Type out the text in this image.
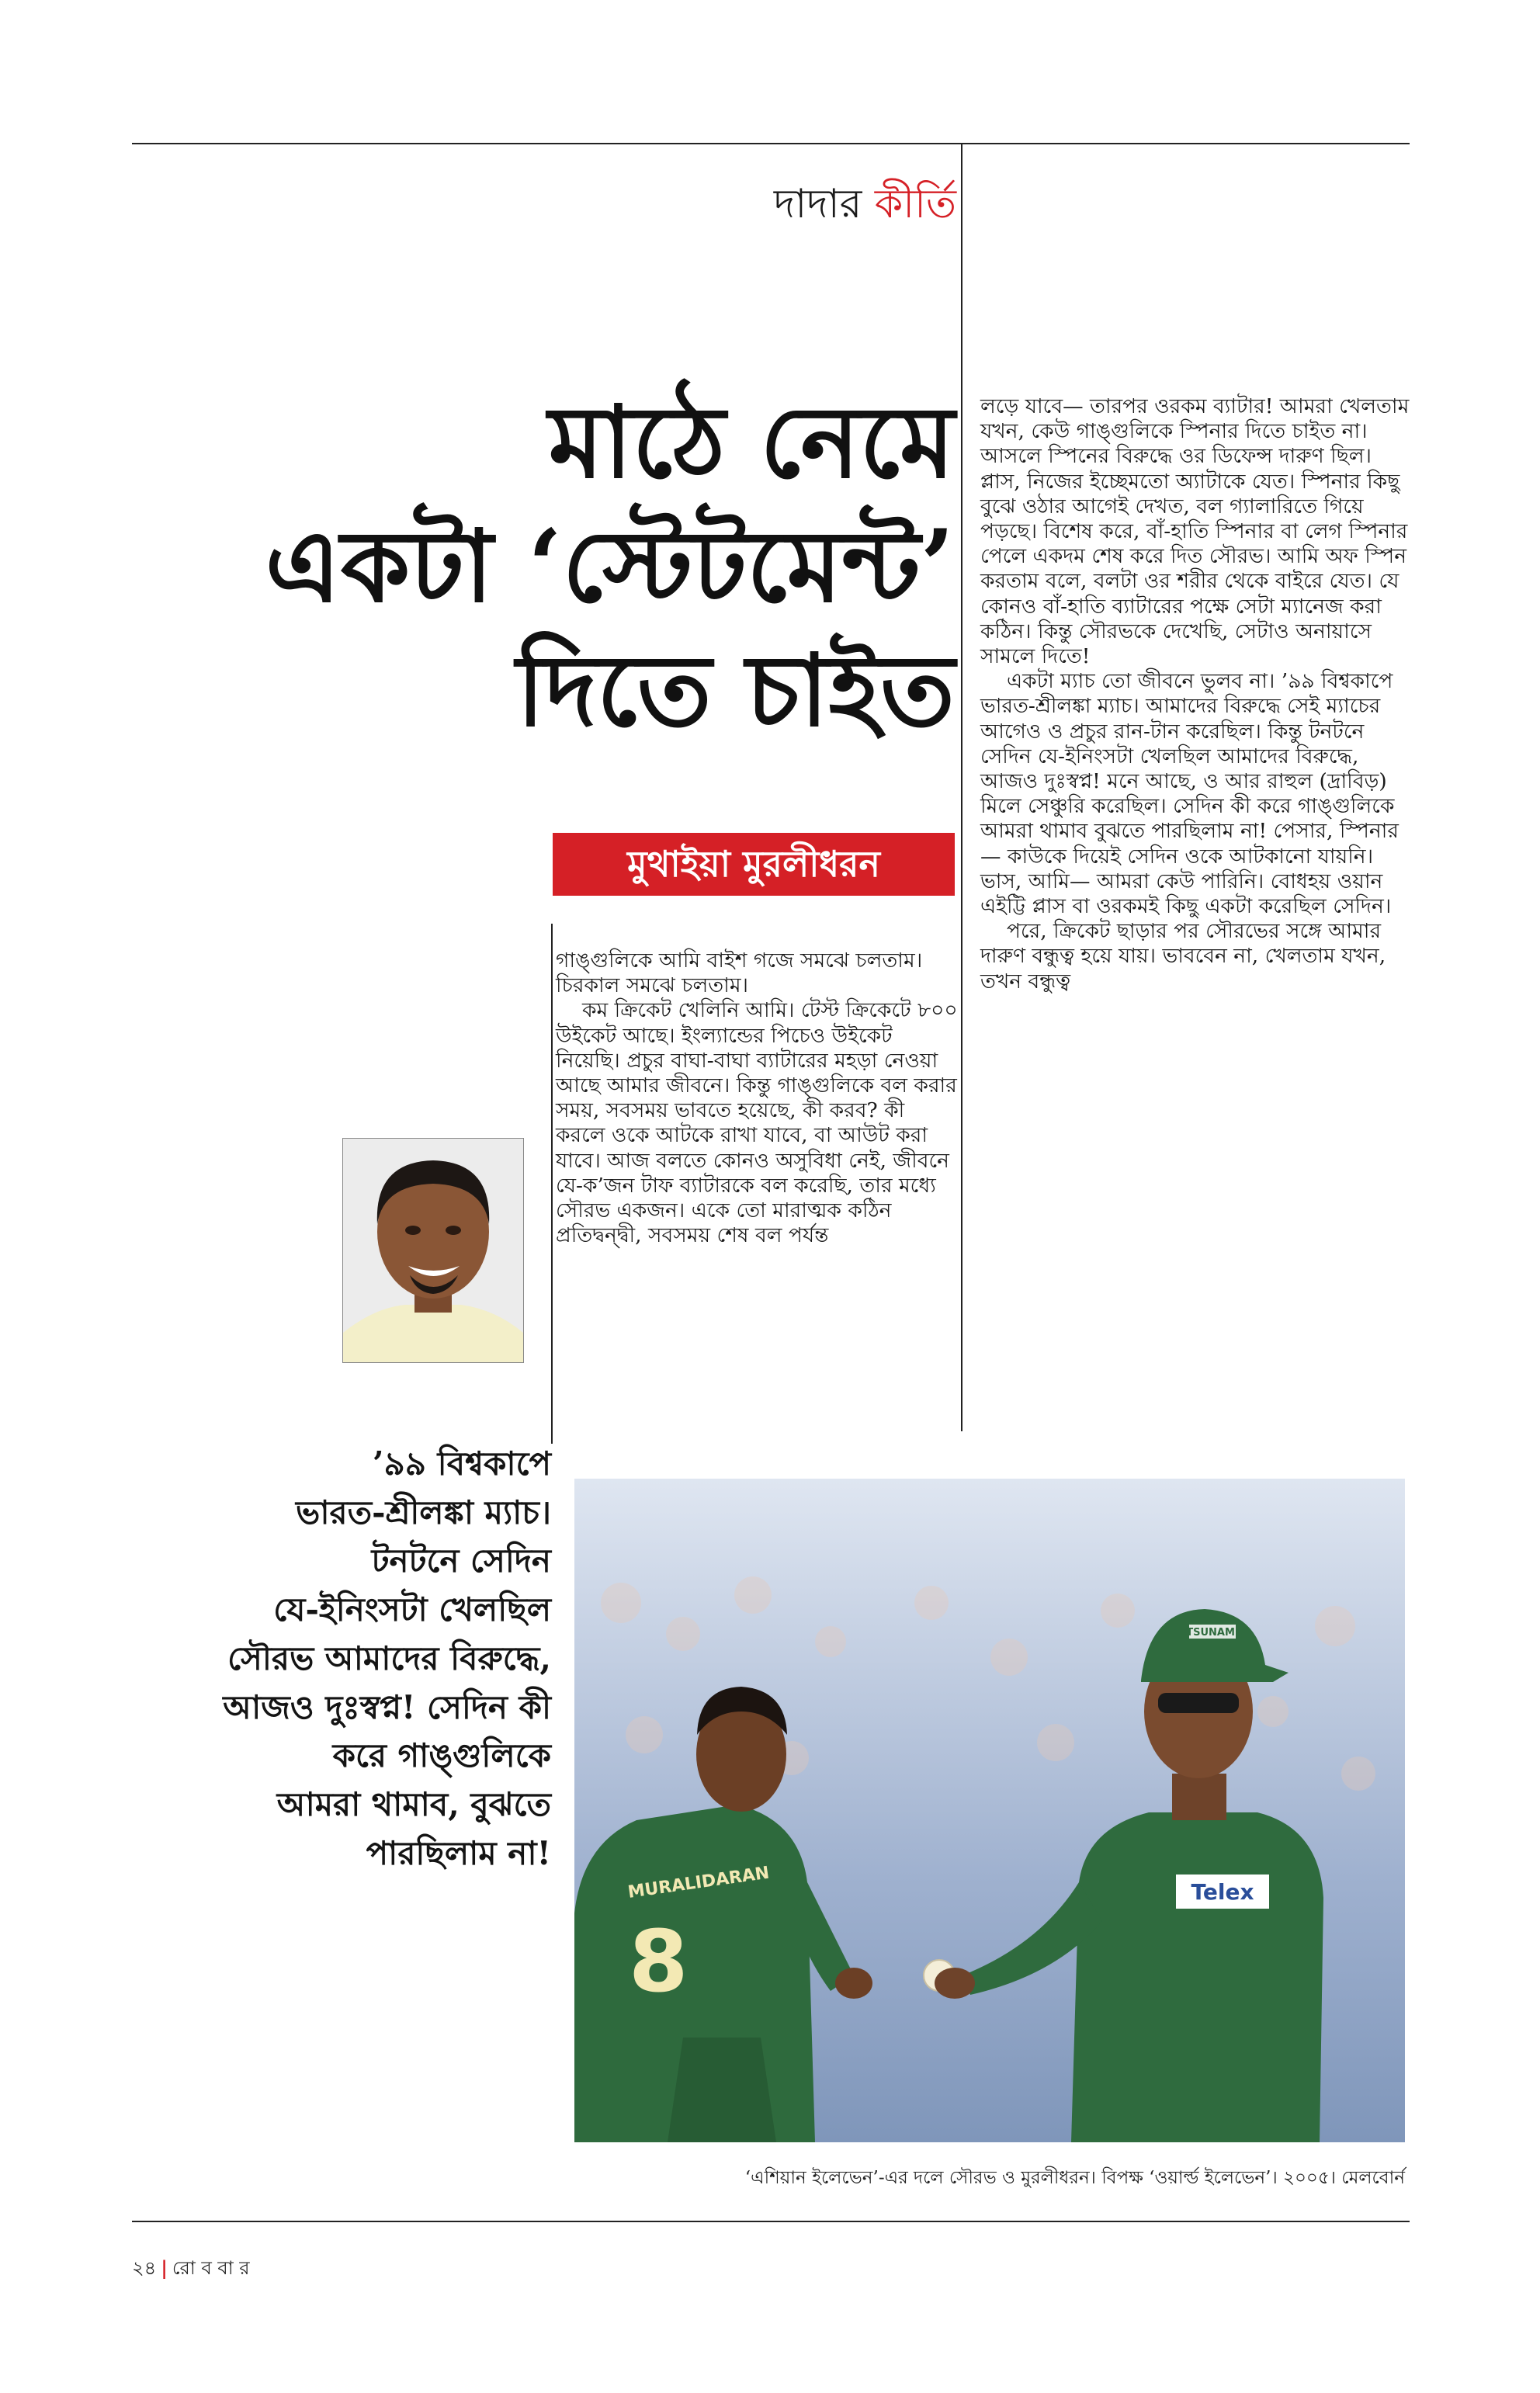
দাদার কীর্তি
মাঠে নেমে
একটা ‘স্টেটমেন্ট’
দিতে চাইত
মুথাইয়া মুরলীধরন

গাঙ্গুলিকে আমি বাইশ গজে সমঝে চলতাম। চিরকাল সমঝে চলতাম।

কম ক্রিকেট খেলিনি আমি। টেস্ট ক্রিকেটে ৮০০ উইকেট আছে। ইংল্যান্ডের পিচেও উইকেট নিয়েছি। প্রচুর বাঘা-বাঘা ব্যাটারের মহড়া নেওয়া আছে আমার জীবনে। কিন্তু গাঙ্গুলিকে বল করার সময়, সবসময় ভাবতে হয়েছে, কী করব? কী করলে ওকে আটকে রাখা যাবে, বা আউট করা যাবে। আজ বলতে কোনও অসুবিধা নেই, জীবনে যে-ক’জন টাফ ব্যাটারকে বল করেছি, তার মধ্যে সৌরভ একজন। একে তো মারাত্মক কঠিন প্রতিদ্বন্দ্বী, সবসময় শেষ বল পর্যন্ত

লড়ে যাবে— তারপর ওরকম ব্যাটার! আমরা খেলতাম যখন, কেউ গাঙ্গুলিকে স্পিনার দিতে চাইত না। আসলে স্পিনের বিরুদ্ধে ওর ডিফেন্স দারুণ ছিল। প্লাস, নিজের ইচ্ছেমতো অ্যাটাকে যেত। স্পিনার কিছু বুঝে ওঠার আগেই দেখত, বল গ্যালারিতে গিয়ে পড়ছে। বিশেষ করে, বাঁ-হাতি স্পিনার বা লেগ স্পিনার পেলে একদম শেষ করে দিত সৌরভ। আমি অফ স্পিন করতাম বলে, বলটা ওর শরীর থেকে বাইরে যেত। যে কোনও বাঁ-হাতি ব্যাটারের পক্ষে সেটা ম্যানেজ করা কঠিন। কিন্তু সৌরভকে দেখেছি, সেটাও অনায়াসে সামলে দিতে!

একটা ম্যাচ তো জীবনে ভুলব না। ’৯৯ বিশ্বকাপে ভারত-শ্রীলঙ্কা ম্যাচ। আমাদের বিরুদ্ধে সেই ম্যাচের আগেও ও প্রচুর রান-টান করেছিল। কিন্তু টনটনে সেদিন যে-ইনিংসটা খেলছিল আমাদের বিরুদ্ধে, আজও দুঃস্বপ্ন! মনে আছে, ও আর রাহুল (দ্রাবিড়) মিলে সেঞ্চুরি করেছিল। সেদিন কী করে গাঙ্গুলিকে আমরা থামাব বুঝতে পারছিলাম না! পেসার, স্পিনার— কাউকে দিয়েই সেদিন ওকে আটকানো যায়নি। ভাস, আমি— আমরা কেউ পারিনি। বোধহয় ওয়ান এইট্টি প্লাস বা ওরকমই কিছু একটা করেছিল সেদিন।

পরে, ক্রিকেট ছাড়ার পর সৌরভের সঙ্গে আমার দারুণ বন্ধুত্ব হয়ে যায়। ভাববেন না, খেলতাম যখন, তখন বন্ধুত্ব

’৯৯ বিশ্বকাপে
ভারত-শ্রীলঙ্কা ম্যাচ।
টনটনে সেদিন
যে-ইনিংসটা খেলছিল
সৌরভ আমাদের বিরুদ্ধে,
আজও দুঃস্বপ্ন! সেদিন কী
করে গাঙ্গুলিকে
আমরা থামাব, বুঝতে
পারছিলাম না!
TSUNAMI
Telex
MURALIDARAN
8
‘এশিয়ান ইলেভেন’-এর দলে সৌরভ ও মুরলীধরন। বিপক্ষ ‘ওয়ার্ল্ড ইলেভেন’। ২০০৫। মেলবোর্ন
২৪ | রো ব বা র
